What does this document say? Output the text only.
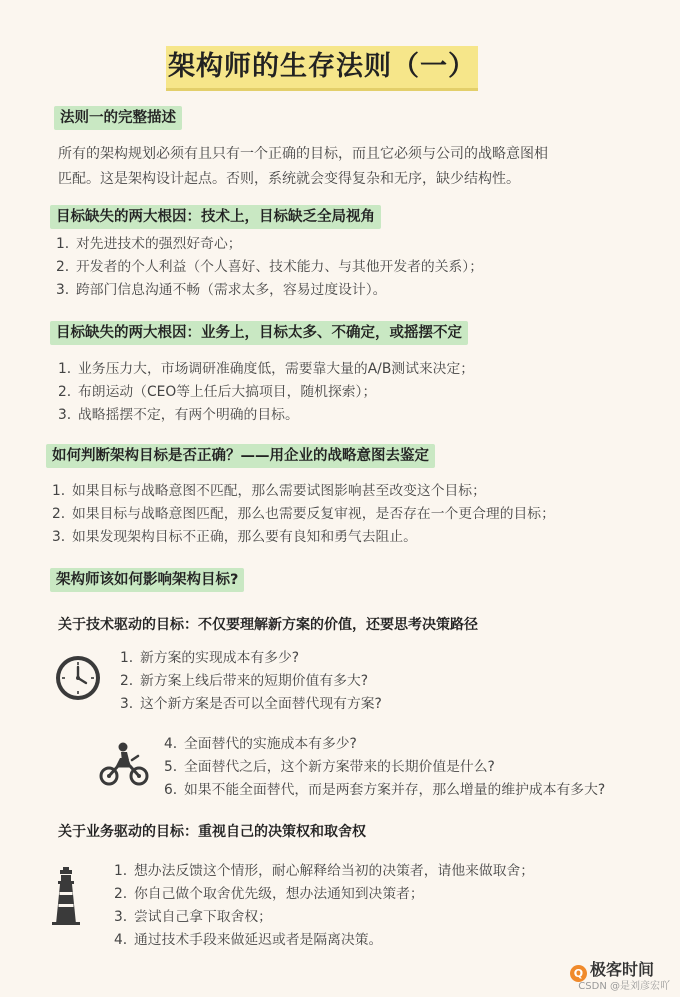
架构师的生存法则（一）
法则一的完整描述
所有的架构规划必须有且只有一个正确的目标，而且它必须与公司的战略意图相
匹配。这是架构设计起点。否则，系统就会变得复杂和无序，缺少结构性。
目标缺失的两大根因：技术上，目标缺乏全局视角
1. 对先进技术的强烈好奇心；
2. 开发者的个人利益（个人喜好、技术能力、与其他开发者的关系）；
3. 跨部门信息沟通不畅（需求太多，容易过度设计）。
目标缺失的两大根因：业务上，目标太多、不确定，或摇摆不定
1. 业务压力大，市场调研准确度低，需要靠大量的A/B测试来决定；
2. 布朗运动（CEO等上任后大搞项目，随机探索）；
3. 战略摇摆不定，有两个明确的目标。
如何判断架构目标是否正确？——用企业的战略意图去鉴定
1. 如果目标与战略意图不匹配，那么需要试图影响甚至改变这个目标；
2. 如果目标与战略意图匹配，那么也需要反复审视，是否存在一个更合理的目标；
3. 如果发现架构目标不正确，那么要有良知和勇气去阻止。
架构师该如何影响架构目标?
关于技术驱动的目标：不仅要理解新方案的价值，还要思考决策路径
1. 新方案的实现成本有多少?
2. 新方案上线后带来的短期价值有多大?
3. 这个新方案是否可以全面替代现有方案?
4. 全面替代的实施成本有多少?
5. 全面替代之后，这个新方案带来的长期价值是什么?
6. 如果不能全面替代，而是两套方案并存，那么增量的维护成本有多大?
关于业务驱动的目标：重视自己的决策权和取舍权
1. 想办法反馈这个情形，耐心解释给当初的决策者，请他来做取舍；
2. 你自己做个取舍优先级，想办法通知到决策者；
3. 尝试自己拿下取舍权；
4. 通过技术手段来做延迟或者是隔离决策。
Q 极客时间
CSDN @是刘彦宏吖
